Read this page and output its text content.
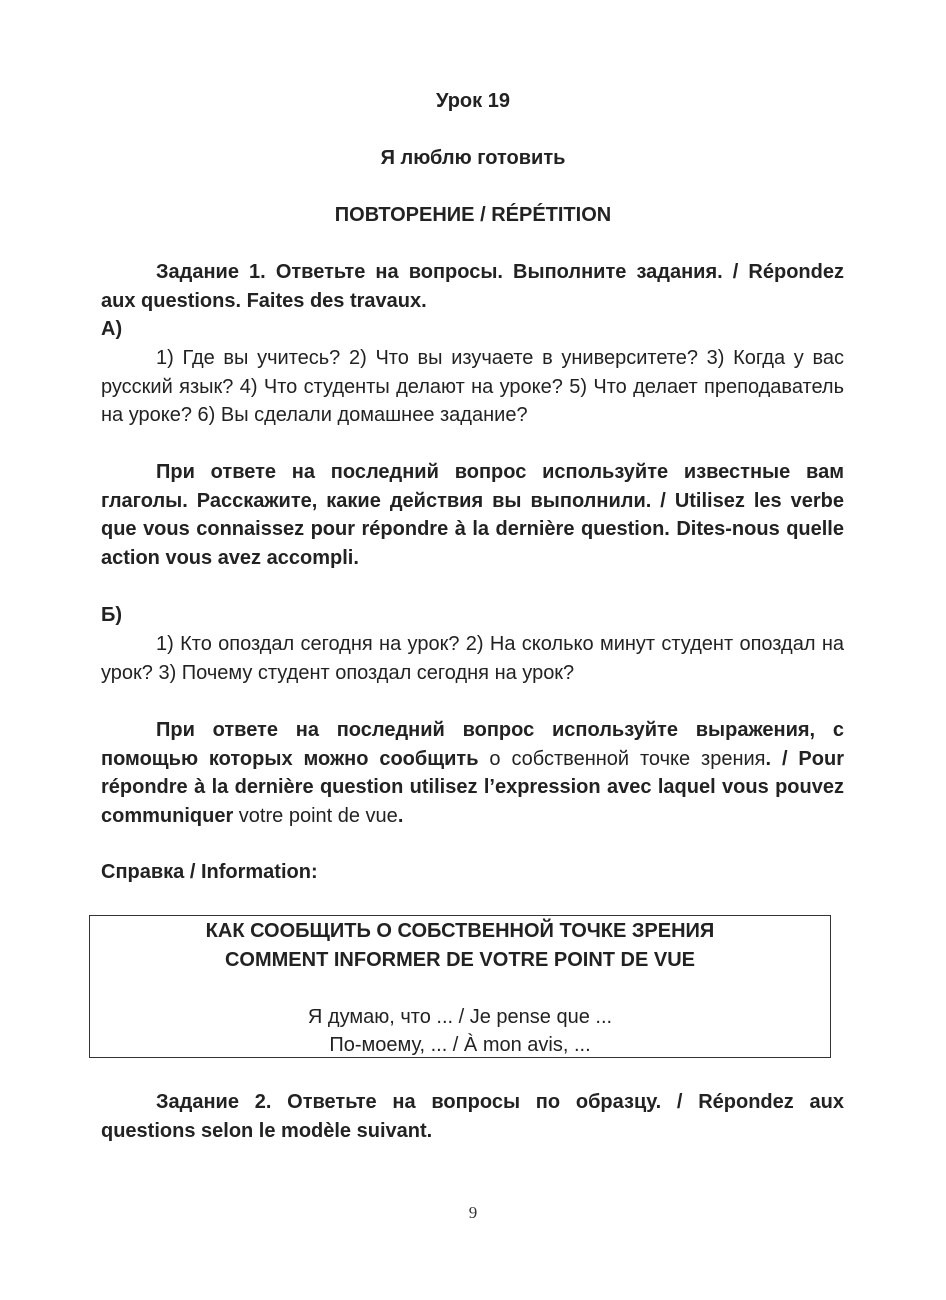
Урок 19
Я люблю готовить
ПОВТОРЕНИЕ / RÉPÉTITION
Задание 1. Ответьте на вопросы. Выполните задания. / Répondez aux questions. Faites des travaux.
А)
1) Где вы учитесь? 2) Что вы изучаете в университете? 3) Когда у вас русский язык? 4) Что студенты делают на уроке? 5) Что делает преподаватель на уроке? 6) Вы сделали домашнее задание?
При ответе на последний вопрос используйте известные вам глаголы. Расскажите, какие действия вы выполнили. / Utilisez les verbe que vous connaissez pour répondre à la dernière question. Dites-nous quelle action vous avez accompli.
Б)
1) Кто опоздал сегодня на урок? 2) На сколько минут студент опоздал на урок? 3) Почему студент опоздал сегодня на урок?
При ответе на последний вопрос используйте выражения, с помощью которых можно сообщить о собственной точке зрения. / Pour répondre à la dernière question utilisez l’expression avec laquel vous pouvez communiquer votre point de vue.
Справка / Information:
Задание 2. Ответьте на вопросы по образцу. / Répondez aux questions selon le modèle suivant.
КАК СООБЩИТЬ О СОБСТВЕННОЙ ТОЧКЕ ЗРЕНИЯ
COMMENT INFORMER DE VOTRE POINT DE VUE
Я думаю, что ... / Je pense que ...
По-моему, ... / À mon avis, ...
9
